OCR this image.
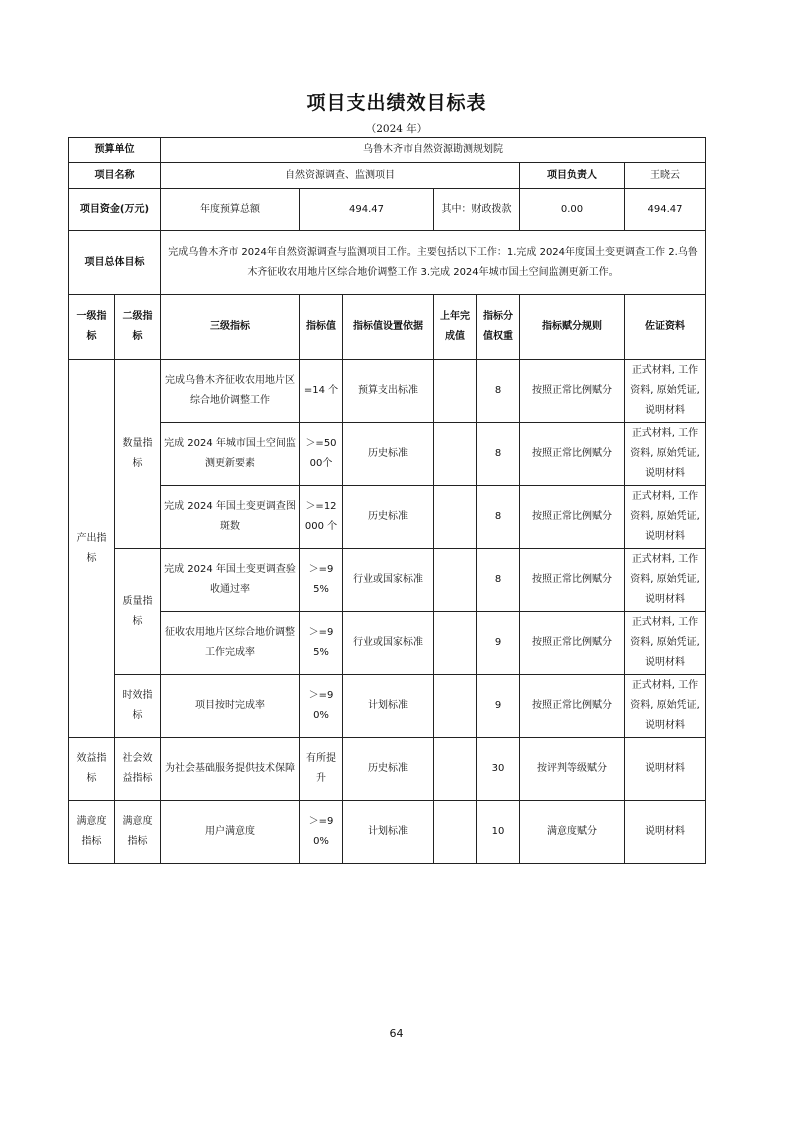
项目支出绩效目标表
（2024 年）
预算单位		乌鲁木齐市自然资源勘测规划院						
项目名称		自然资源调查、监测项目					项目负责人	王晓云
项目资金(万元)		年度预算总额	494.47		其中：财政拨款		0.00	494.47
项目总体目标		完成乌鲁木齐市 2024年自然资源调查与监测项目工作。主要包括以下工作：1.完成 2024年度国土变更调查工作 2.乌鲁木齐征收农用地片区综合地价调整工作 3.完成 2024年城市国土空间监测更新工作。						
一级指标	二级指标	三级指标	指标值	指标值设置依据	上年完成值	指标分值权重	指标赋分规则	佐证资料
产出指标	数量指标	完成乌鲁木齐征收农用地片区综合地价调整工作	=14 个	预算支出标准		8	按照正常比例赋分	正式材料, 工作资料, 原始凭证, 说明材料
		完成 2024 年城市国土空间监测更新要素	＞=5000个	历史标准		8	按照正常比例赋分	正式材料, 工作资料, 原始凭证, 说明材料
		完成 2024 年国土变更调查图斑数	＞=12000 个	历史标准		8	按照正常比例赋分	正式材料, 工作资料, 原始凭证, 说明材料
	质量指标	完成 2024 年国土变更调查验收通过率	＞=95%	行业或国家标准		8	按照正常比例赋分	正式材料, 工作资料, 原始凭证, 说明材料
		征收农用地片区综合地价调整工作完成率	＞=95%	行业或国家标准		9	按照正常比例赋分	正式材料, 工作资料, 原始凭证, 说明材料
	时效指标	项目按时完成率	＞=90%	计划标准		9	按照正常比例赋分	正式材料, 工作资料, 原始凭证, 说明材料
效益指标	社会效益指标	为社会基础服务提供技术保障	有所提升	历史标准		30	按评判等级赋分	说明材料
满意度指标	满意度指标	用户满意度	＞=90%	计划标准		10	满意度赋分	说明材料
64
